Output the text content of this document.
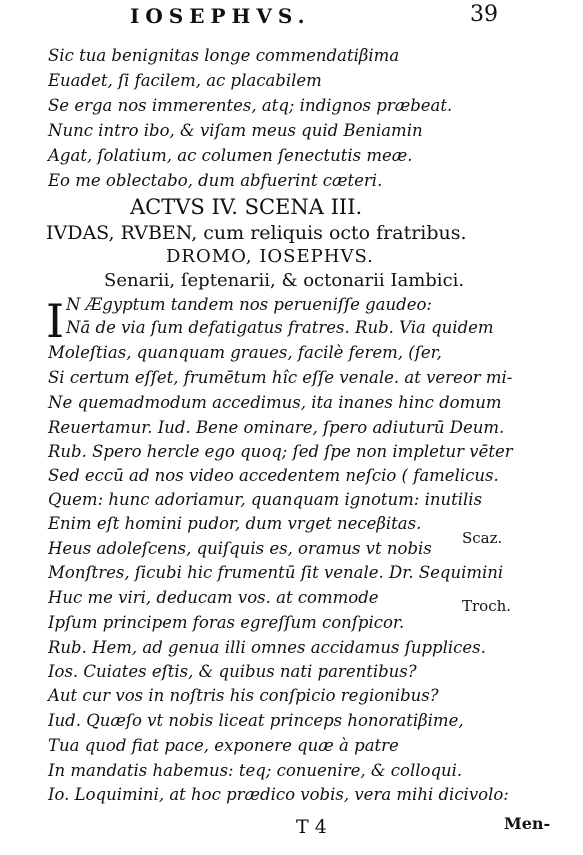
IOSEPHVS.	39
Sic tua benignitas longe commendatiβima
Euadet, ſi facilem, ac placabilem
Se erga nos immerentes, atq; indignos præbeat.
Nunc intro ibo, & viſam meus quid Beniamin
Agat, ſolatium, ac columen ſenectutis meæ.
Eo me oblectabo, dum abfuerint cæteri.
ACTVS IV. SCENA III.
IVDAS, RVBEN, cum reliquis octo fratribus.
DROMO, IOSEPHVS.
Senarii, ſeptenarii, & octonarii Iambici.
I N Ægyptum tandem nos perueniſſe gaudeo:
Nā de via ſum defatigatus fratres. Rub. Via quidem
Moleſtias, quanquam graues, facilè ferem, (ſer,
Si certum eſſet, frumētum hîc eſſe venale. at vereor mi-
Ne quemadmodum accedimus, ita inanes hinc domum
Reuertamur. Iud. Bene ominare, ſpero adiuturū Deum.
Rub. Spero hercle ego quoq; ſed ſpe non impletur vēter
Sed eccū ad nos video accedentem neſcio ( famelicus.
Quem: hunc adoriamur, quanquam ignotum: inutilis
Enim eſt homini pudor, dum vrget neceβitas.
Heus adoleſcens, quiſquis es, oramus vt nobis
Monſtres, ſicubi hic frumentū ſit venale. Dr. Sequimini
Huc me viri, deducam vos. at commode
Ipſum principem foras egreſſum conſpicor.
Rub. Hem, ad genua illi omnes accidamus ſupplices.
Ios. Cuiates eſtis, & quibus nati parentibus?
Aut cur vos in noſtris his conſpicio regionibus?
Iud. Quæſo vt nobis liceat princeps honoratiβime,
Tua quod fiat pace, exponere quæ à patre
In mandatis habemus: teq; conuenire, & colloqui.
Io. Loquimini, at hoc prædico vobis, vera mihi dicivolo:
Scaz.
Troch.
T 4	Men-
